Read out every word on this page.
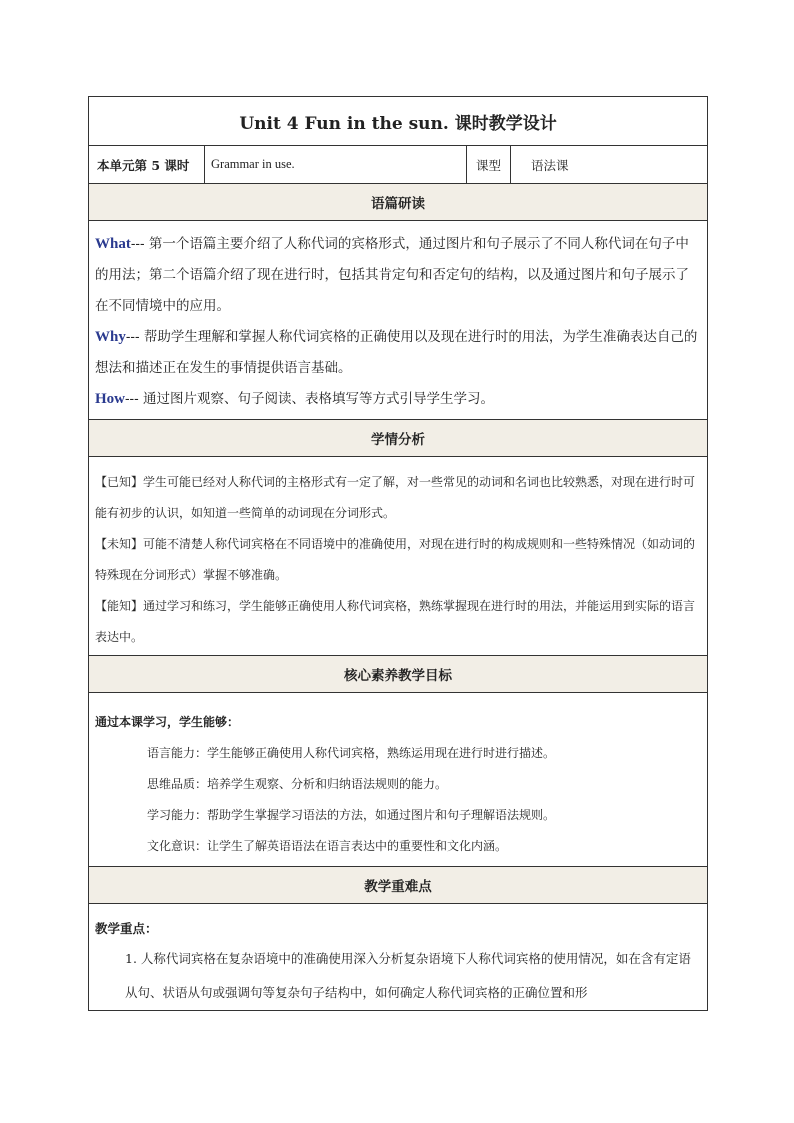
Unit 4 Fun in the sun. 课时教学设计
本单元第 5 课时	Grammar in use.	课型	语法课
语篇研读

What--- 第一个语篇主要介绍了人称代词的宾格形式，通过图片和句子展示了不同人称代词在句子中的用法；第二个语篇介绍了现在进行时，包括其肯定句和否定句的结构，以及通过图片和句子展示了在不同情境中的应用。
Why--- 帮助学生理解和掌握人称代词宾格的正确使用以及现在进行时的用法，为学生准确表达自己的想法和描述正在发生的事情提供语言基础。
How--- 通过图片观察、句子阅读、表格填写等方式引导学生学习。

学情分析

【已知】学生可能已经对人称代词的主格形式有一定了解，对一些常见的动词和名词也比较熟悉，对现在进行时可能有初步的认识，如知道一些简单的动词现在分词形式。
【未知】可能不清楚人称代词宾格在不同语境中的准确使用，对现在进行时的构成规则和一些特殊情况（如动词的特殊现在分词形式）掌握不够准确。
【能知】通过学习和练习，学生能够正确使用人称代词宾格，熟练掌握现在进行时的用法，并能运用到实际的语言表达中。

核心素养教学目标

通过本课学习，学生能够：
语言能力：学生能够正确使用人称代词宾格，熟练运用现在进行时进行描述。
思维品质：培养学生观察、分析和归纳语法规则的能力。
学习能力：帮助学生掌握学习语法的方法，如通过图片和句子理解语法规则。
文化意识：让学生了解英语语法在语言表达中的重要性和文化内涵。

教学重难点

教学重点：
1. 人称代词宾格在复杂语境中的准确使用深入分析复杂语境下人称代词宾格的使用情况，如在含有定语从句、状语从句或强调句等复杂句子结构中，如何确定人称代词宾格的正确位置和形
